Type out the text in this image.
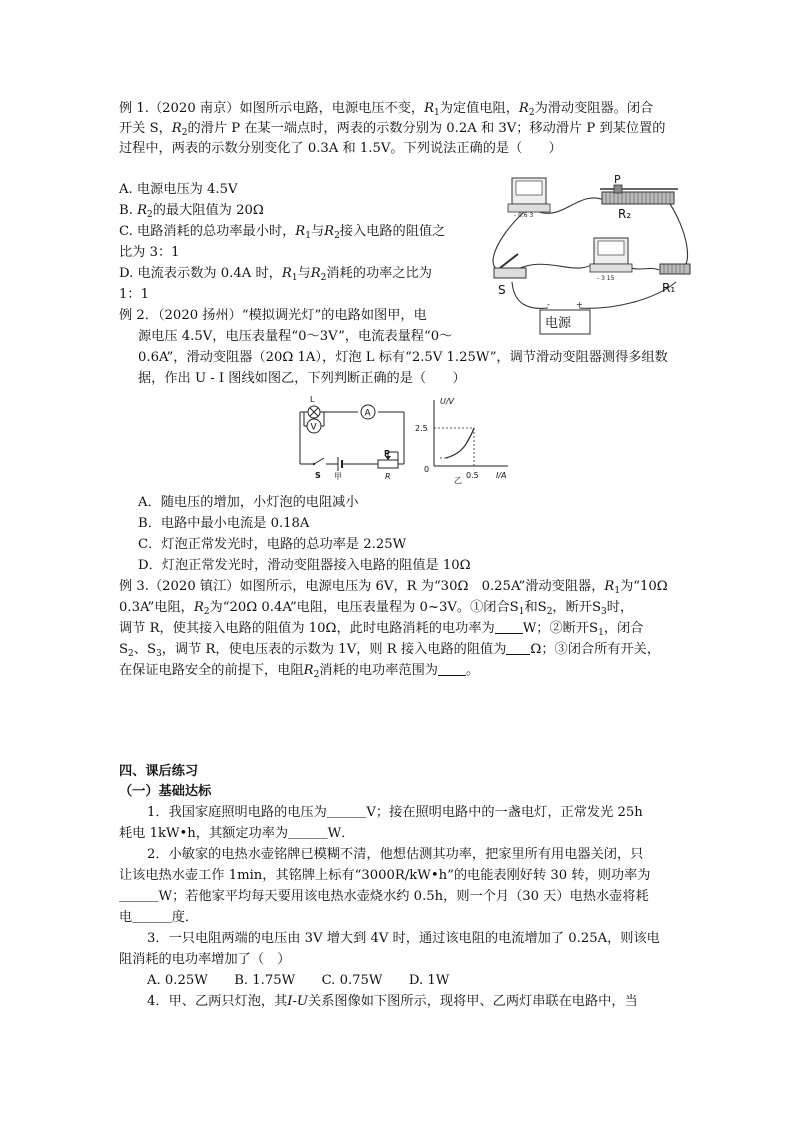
例 1.（2020 南京）如图所示电路，电源电压不变，$R_1$为定值电阻，$R_2$为滑动变阻器。闭合
开关 S，$R_2$的滑片 P 在某一端点时，两表的示数分别为 0.2A 和 3V；移动滑片 P 到某位置的
过程中，两表的示数分别变化了 0.3A 和 1.5V。下列说法正确的是（　　）
A. 电源电压为 4.5V
B. $R_2$的最大阻值为 20Ω
C. 电路消耗的总功率最小时，$R_1$与$R_2$接入电路的阻值之
比为 3：1
D. 电流表示数为 0.4A 时，$R_1$与$R_2$消耗的功率之比为
1：1
- 0.6 3
P
R₂
S
- 3 15
R₁
-	+
电源
例 2．（2020 扬州）“模拟调光灯”的电路如图甲，电
源电压 4.5V，电压表量程“0～3V”，电流表量程“0～
0.6A”，滑动变阻器（20Ω 1A），灯泡 L 标有“2.5V 1.25W”，调节滑动变阻器测得多组数
据，作出 U - I 图线如图乙，下列判断正确的是（　　）
L
A
V
S 甲
P
R
U/V
I/A
2.5
0.5
0
乙
A．随电压的增加，小灯泡的电阻减小
B．电路中最小电流是 0.18A
C．灯泡正常发光时，电路的总功率是 2.25W
D．灯泡正常发光时，滑动变阻器接入电路的阻值是 10Ω
例 3.（2020 镇江）如图所示，电源电压为 6V，R 为“30Ω　0.25A”滑动变阻器，$R_1$为“10Ω
0.3A”电阻，$R_2$为“20Ω 0.4A”电阻，电压表量程为 0~3V。①闭合$S_1$和$S_2$，断开$S_3$时，
调节 R，使其接入电路的阻值为 10Ω，此时电路消耗的电功率为 W；②断开$S_1$，闭合
$S_2$、$S_3$，调节 R，使电压表的示数为 1V，则 R 接入电路的阻值为 Ω；③闭合所有开关，
在保证电路安全的前提下，电阻$R_2$消耗的电功率范围为 。
四、课后练习
（一）基础达标
1．我国家庭照明电路的电压为＿＿＿V；接在照明电路中的一盏电灯，正常发光 25h
耗电 1kW•h，其额定功率为＿＿＿W．
2．小敏家的电热水壶铭牌已模糊不清，他想估测其功率，把家里所有用电器关闭，只
让该电热水壶工作 1min，其铭牌上标有“3000R/kW•h”的电能表刚好转 30 转，则功率为
＿＿＿W；若他家平均每天要用该电热水壶烧水约 0.5h，则一个月（30 天）电热水壶将耗
电＿＿＿度．
3．一只电阻两端的电压由 3V 增大到 4V 时，通过该电阻的电流增加了 0.25A，则该电
阻消耗的电功率增加了（　）
A. 0.25W　　B. 1.75W　　C. 0.75W　　D. 1W
4．甲、乙两只灯泡，其I-U关系图像如下图所示，现将甲、乙两灯串联在电路中，当
